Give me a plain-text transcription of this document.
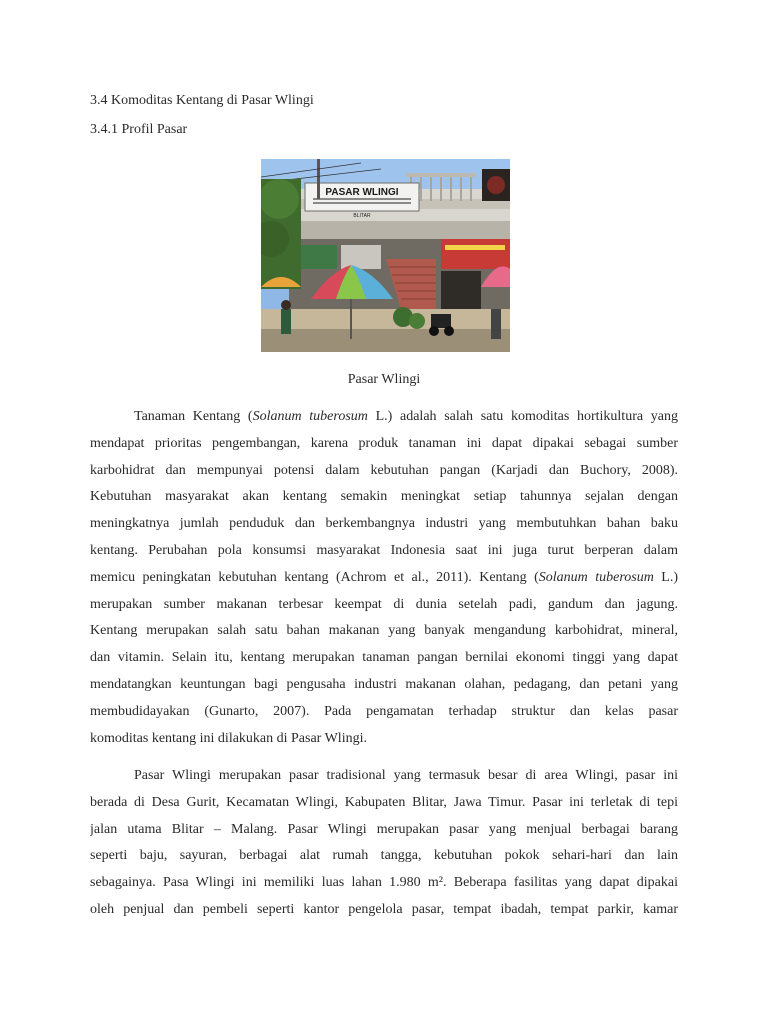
3.4 Komoditas Kentang di Pasar Wlingi
3.4.1 Profil Pasar
PASAR WLINGI
BLITAR
Pasar Wlingi
Tanaman Kentang (Solanum tuberosum L.) adalah salah satu komoditas hortikultura yang
mendapat prioritas pengembangan, karena produk tanaman ini dapat dipakai sebagai sumber
karbohidrat dan mempunyai potensi dalam kebutuhan pangan (Karjadi dan Buchory, 2008).
Kebutuhan masyarakat akan kentang semakin meningkat setiap tahunnya sejalan dengan
meningkatnya jumlah penduduk dan berkembangnya industri yang membutuhkan bahan baku
kentang. Perubahan pola konsumsi masyarakat Indonesia saat ini juga turut berperan dalam
memicu peningkatan kebutuhan kentang (Achrom et al., 2011). Kentang (Solanum tuberosum L.)
merupakan sumber makanan terbesar keempat di dunia setelah padi, gandum dan jagung.
Kentang merupakan salah satu bahan makanan yang banyak mengandung karbohidrat, mineral,
dan vitamin. Selain itu, kentang merupakan tanaman pangan bernilai ekonomi tinggi yang dapat
mendatangkan keuntungan bagi pengusaha industri makanan olahan, pedagang, dan petani yang
membudidayakan (Gunarto, 2007). Pada pengamatan terhadap struktur dan kelas pasar
komoditas kentang ini dilakukan di Pasar Wlingi.
Pasar Wlingi merupakan pasar tradisional yang termasuk besar di area Wlingi, pasar ini
berada di Desa Gurit, Kecamatan Wlingi, Kabupaten Blitar, Jawa Timur. Pasar ini terletak di tepi
jalan utama Blitar – Malang. Pasar Wlingi merupakan pasar yang menjual berbagai barang
seperti baju, sayuran, berbagai alat rumah tangga, kebutuhan pokok sehari-hari dan lain
sebagainya. Pasa Wlingi ini memiliki luas lahan 1.980 m². Beberapa fasilitas yang dapat dipakai
oleh penjual dan pembeli seperti kantor pengelola pasar, tempat ibadah, tempat parkir, kamar
